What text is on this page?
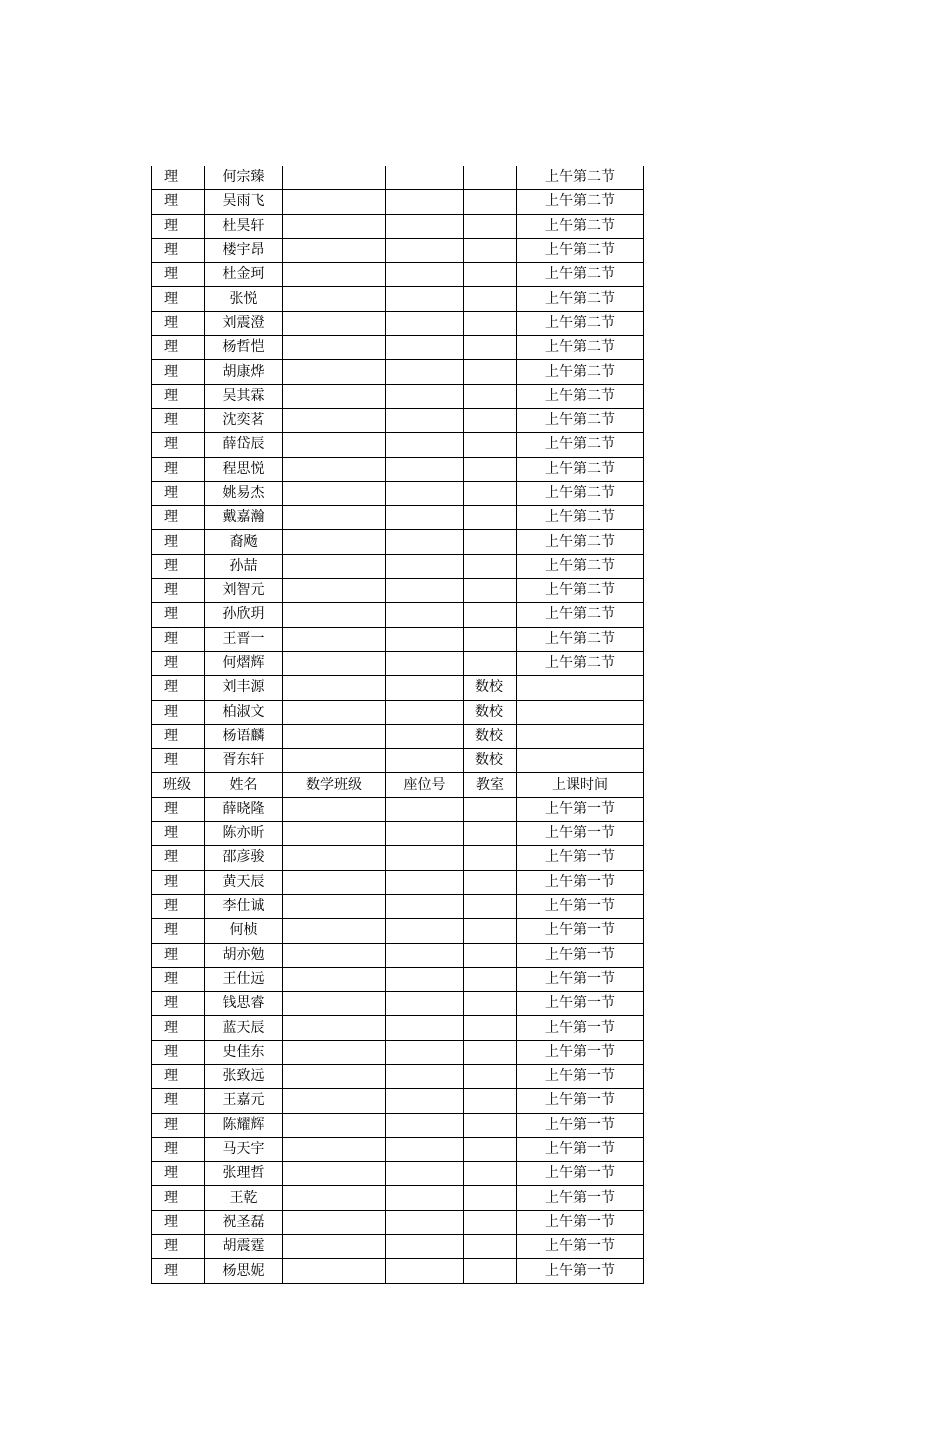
理	何宗臻				上午第二节
理	吴雨飞				上午第二节
理	杜昊轩				上午第二节
理	楼宇昂				上午第二节
理	杜金珂				上午第二节
理	张悦				上午第二节
理	刘震澄				上午第二节
理	杨哲恺				上午第二节
理	胡康烨				上午第二节
理	吴其霖				上午第二节
理	沈奕茗				上午第二节
理	薛岱辰				上午第二节
理	程思悦				上午第二节
理	姚易杰				上午第二节
理	戴嘉瀚				上午第二节
理	裔飏				上午第二节
理	孙喆				上午第二节
理	刘智元				上午第二节
理	孙欣玥				上午第二节
理	王晋一				上午第二节
理	何熠辉				上午第二节
理	刘丰源			数校	
理	柏淑文			数校	
理	杨语麟			数校	
理	胥东轩			数校	
班级	姓名	数学班级	座位号	教室	上课时间
理	薛晓隆				上午第一节
理	陈亦昕				上午第一节
理	邵彦骏				上午第一节
理	黄天辰				上午第一节
理	李仕诚				上午第一节
理	何桢				上午第一节
理	胡亦勉				上午第一节
理	王仕远				上午第一节
理	钱思睿				上午第一节
理	蓝天辰				上午第一节
理	史佳东				上午第一节
理	张致远				上午第一节
理	王嘉元				上午第一节
理	陈耀辉				上午第一节
理	马天宇				上午第一节
理	张理哲				上午第一节
理	王乾				上午第一节
理	祝圣磊				上午第一节
理	胡震霆				上午第一节
理	杨思妮				上午第一节
